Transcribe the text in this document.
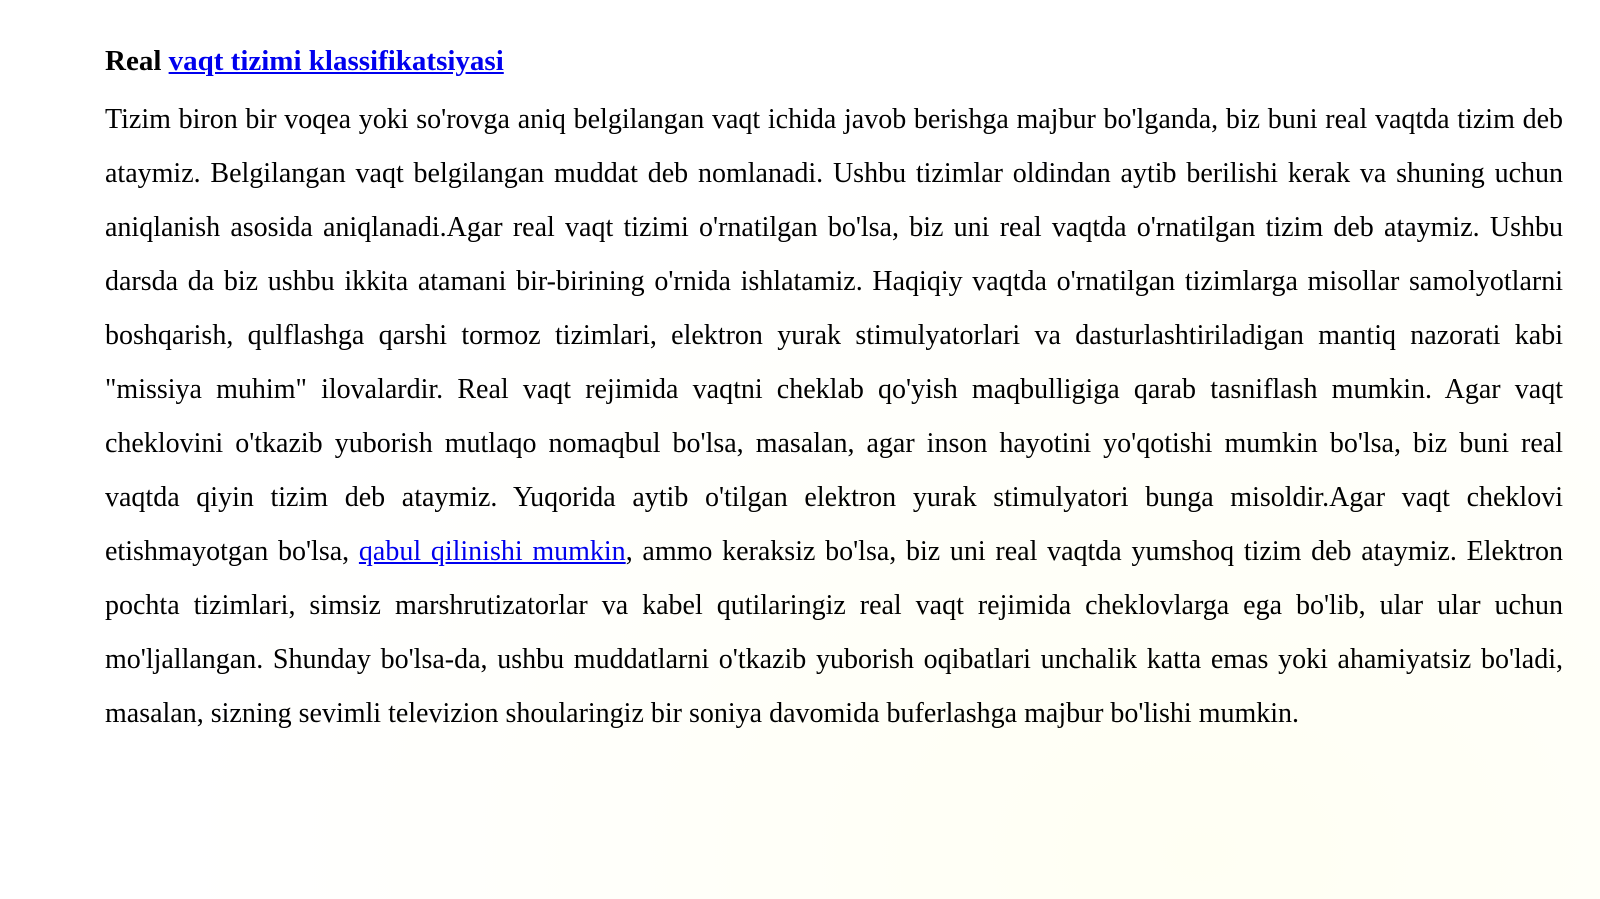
Real vaqt tizimi klassifikatsiyasi

Tizim biron bir voqea yoki so'rovga aniq belgilangan vaqt ichida javob berishga majbur bo'lganda, biz buni real vaqtda tizim deb ataymiz. Belgilangan vaqt belgilangan muddat deb nomlanadi. Ushbu tizimlar oldindan aytib berilishi kerak va shuning uchun aniqlanish asosida aniqlanadi.Agar real vaqt tizimi o'rnatilgan bo'lsa, biz uni real vaqtda o'rnatilgan tizim deb ataymiz. Ushbu darsda da biz ushbu ikkita atamani bir-birining o'rnida ishlatamiz. Haqiqiy vaqtda o'rnatilgan tizimlarga misollar samolyotlarni boshqarish, qulflashga qarshi tormoz tizimlari, elektron yurak stimulyatorlari va dasturlashtiriladigan mantiq nazorati kabi "missiya muhim" ilovalardir. Real vaqt rejimida vaqtni cheklab qo'yish maqbulligiga qarab tasniflash mumkin. Agar vaqt cheklovini o'tkazib yuborish mutlaqo nomaqbul bo'lsa, masalan, agar inson hayotini yo'qotishi mumkin bo'lsa, biz buni real vaqtda qiyin tizim deb ataymiz. Yuqorida aytib o'tilgan elektron yurak stimulyatori bunga misoldir.Agar vaqt cheklovi etishmayotgan bo'lsa, qabul qilinishi mumkin, ammo keraksiz bo'lsa, biz uni real vaqtda yumshoq tizim deb ataymiz. Elektron pochta tizimlari, simsiz marshrutizatorlar va kabel qutilaringiz real vaqt rejimida cheklovlarga ega bo'lib, ular ular uchun mo'ljallangan. Shunday bo'lsa-da, ushbu muddatlarni o'tkazib yuborish oqibatlari unchalik katta emas yoki ahamiyatsiz bo'ladi, masalan, sizning sevimli televizion shoularingiz bir soniya davomida buferlashga majbur bo'lishi mumkin.
